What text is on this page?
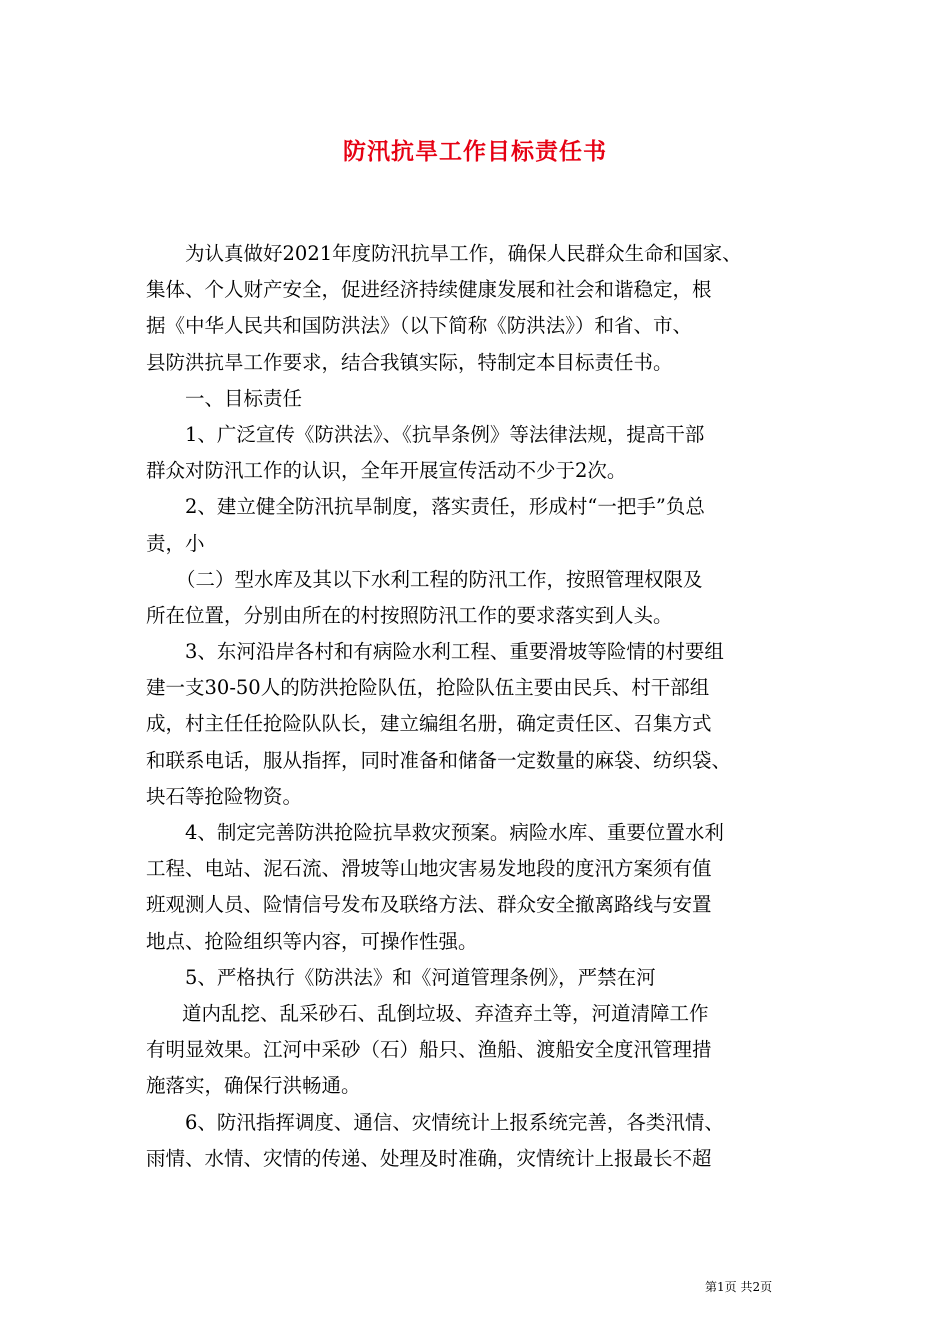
防汛抗旱工作目标责任书
为认真做好2021年度防汛抗旱工作，确保人民群众生命和国家、
集体、个人财产安全，促进经济持续健康发展和社会和谐稳定，根
据《中华人民共和国防洪法》（以下简称《防洪法》）和省、市、
县防洪抗旱工作要求，结合我镇实际，特制定本目标责任书。
一、目标责任
1、广泛宣传《防洪法》、《抗旱条例》等法律法规，提高干部
群众对防汛工作的认识，全年开展宣传活动不少于2次。
2、建立健全防汛抗旱制度，落实责任，形成村“一把手”负总
责，小
（二）型水库及其以下水利工程的防汛工作，按照管理权限及
所在位置，分别由所在的村按照防汛工作的要求落实到人头。
3、东河沿岸各村和有病险水利工程、重要滑坡等险情的村要组
建一支30-50人的防洪抢险队伍，抢险队伍主要由民兵、村干部组
成，村主任任抢险队队长，建立编组名册，确定责任区、召集方式
和联系电话，服从指挥，同时准备和储备一定数量的麻袋、纺织袋、
块石等抢险物资。
4、制定完善防洪抢险抗旱救灾预案。病险水库、重要位置水利
工程、电站、泥石流、滑坡等山地灾害易发地段的度汛方案须有值
班观测人员、险情信号发布及联络方法、群众安全撤离路线与安置
地点、抢险组织等内容，可操作性强。
5、严格执行《防洪法》和《河道管理条例》，严禁在河
道内乱挖、乱采砂石、乱倒垃圾、弃渣弃土等，河道清障工作
有明显效果。江河中采砂（石）船只、渔船、渡船安全度汛管理措
施落实，确保行洪畅通。
6、防汛指挥调度、通信、灾情统计上报系统完善，各类汛情、
雨情、水情、灾情的传递、处理及时准确，灾情统计上报最长不超
第1页 共2页
